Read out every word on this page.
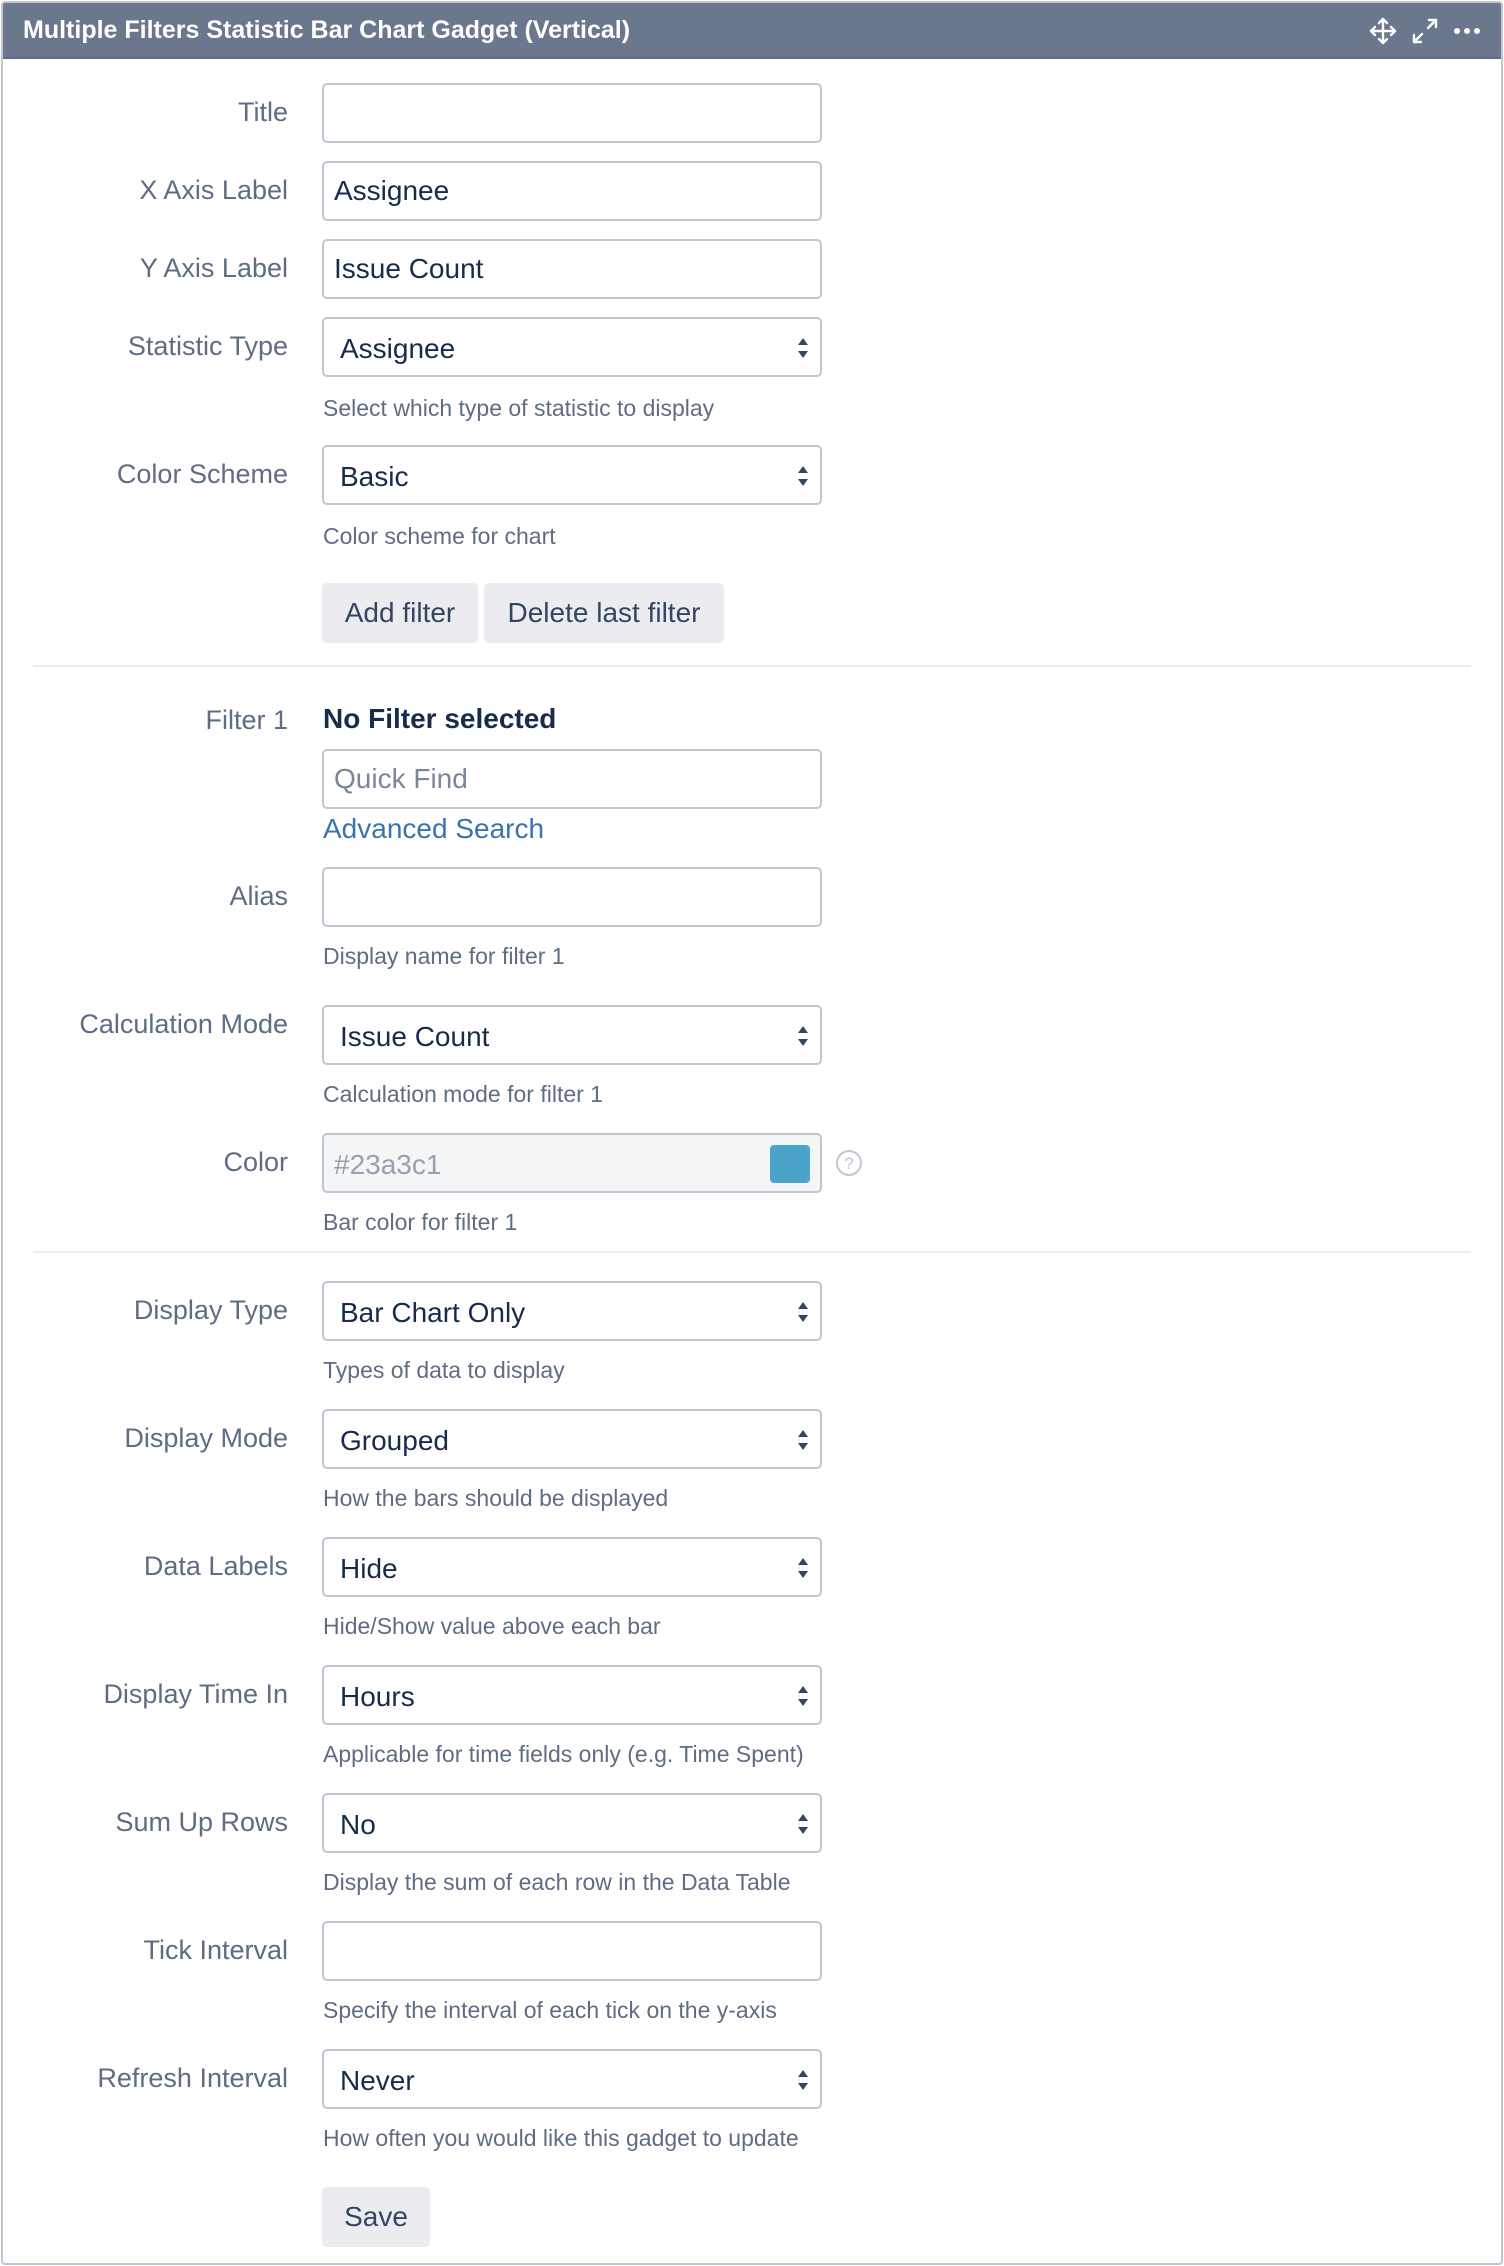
Multiple Filters Statistic Bar Chart Gadget (Vertical)
Title
X Axis Label
Assignee
Y Axis Label
Issue Count
Statistic Type Assignee
Select which type of statistic to display
Color Scheme Basic
Color scheme for chart
Add filter	Delete last filter
Filter 1 No Filter selected
Quick Find
Advanced Search
Alias
Display name for filter 1
Calculation Mode Issue Count
Calculation mode for filter 1
Color #23a3c1	?
Bar color for filter 1
Display Type Bar Chart Only
Types of data to display
Display Mode Grouped
How the bars should be displayed
Data Labels Hide
Hide/Show value above each bar
Display Time In Hours
Applicable for time fields only (e.g. Time Spent)
Sum Up Rows No
Display the sum of each row in the Data Table
Tick Interval
Specify the interval of each tick on the y-axis
Refresh Interval Never
How often you would like this gadget to update
Save
